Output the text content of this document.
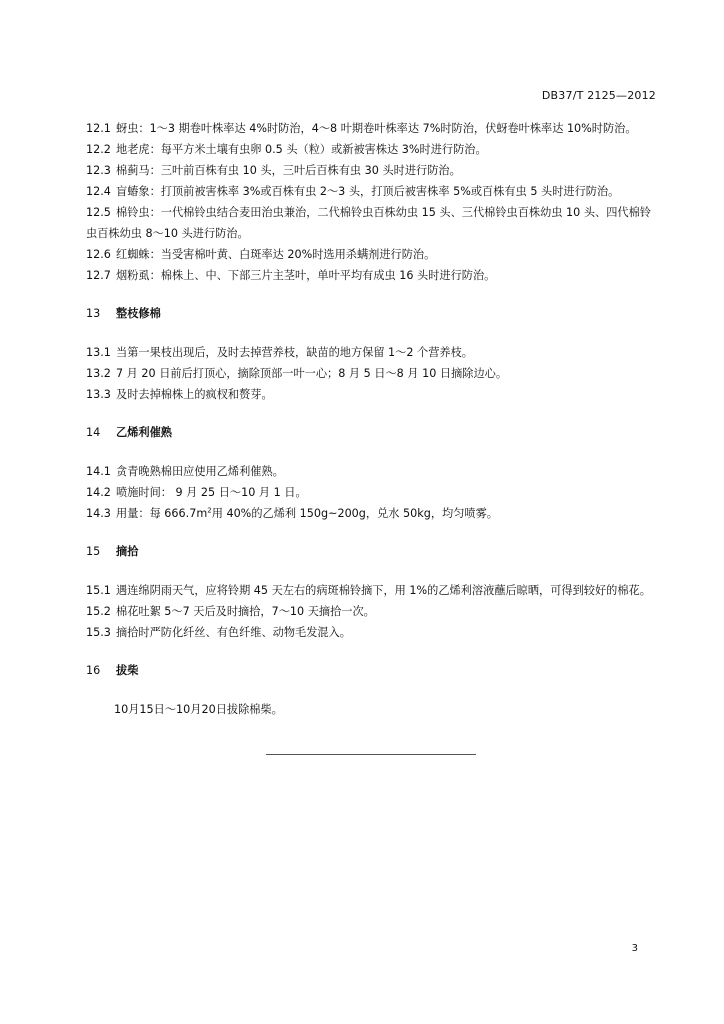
DB37/T 2125—2012

12.1 蚜虫：1～3 期卷叶株率达 4%时防治，4～8 叶期卷叶株率达 7%时防治，伏蚜卷叶株率达 10%时防治。

12.2 地老虎：每平方米土壤有虫卵 0.5 头（粒）或新被害株达 3%时进行防治。

12.3 棉蓟马：三叶前百株有虫 10 头，三叶后百株有虫 30 头时进行防治。

12.4 盲蝽象：打顶前被害株率 3%或百株有虫 2～3 头，打顶后被害株率 5%或百株有虫 5 头时进行防治。

12.5 棉铃虫：一代棉铃虫结合麦田治虫兼治，二代棉铃虫百株幼虫 15 头、三代棉铃虫百株幼虫 10 头、四代棉铃虫百株幼虫 8～10 头进行防治。

12.6 红蜘蛛：当受害棉叶黄、白斑率达 20%时选用杀螨剂进行防治。

12.7 烟粉虱：棉株上、中、下部三片主茎叶，单叶平均有成虫 16 头时进行防治。

13 整枝修棉

13.1 当第一果枝出现后，及时去掉营养枝，缺苗的地方保留 1～2 个营养枝。

13.2 7 月 20 日前后打顶心，摘除顶部一叶一心；8 月 5 日～8 月 10 日摘除边心。

13.3 及时去掉棉株上的疯杈和赘芽。

14 乙烯利催熟

14.1 贪青晚熟棉田应使用乙烯利催熟。

14.2 喷施时间： 9 月 25 日～10 月 1 日。

14.3 用量：每 $666.7m^2$用 40%的乙烯利 150g~200g，兑水 50kg，均匀喷雾。

15 摘拾

15.1 遇连绵阴雨天气，应将铃期 45 天左右的病斑棉铃摘下，用 1%的乙烯利溶液蘸后晾晒，可得到较好的棉花。

15.2 棉花吐絮 5～7 天后及时摘拾，7～10 天摘拾一次。

15.3 摘拾时严防化纤丝、有色纤维、动物毛发混入。

16 拔柴

10月15日～10月20日拔除棉柴。

3
